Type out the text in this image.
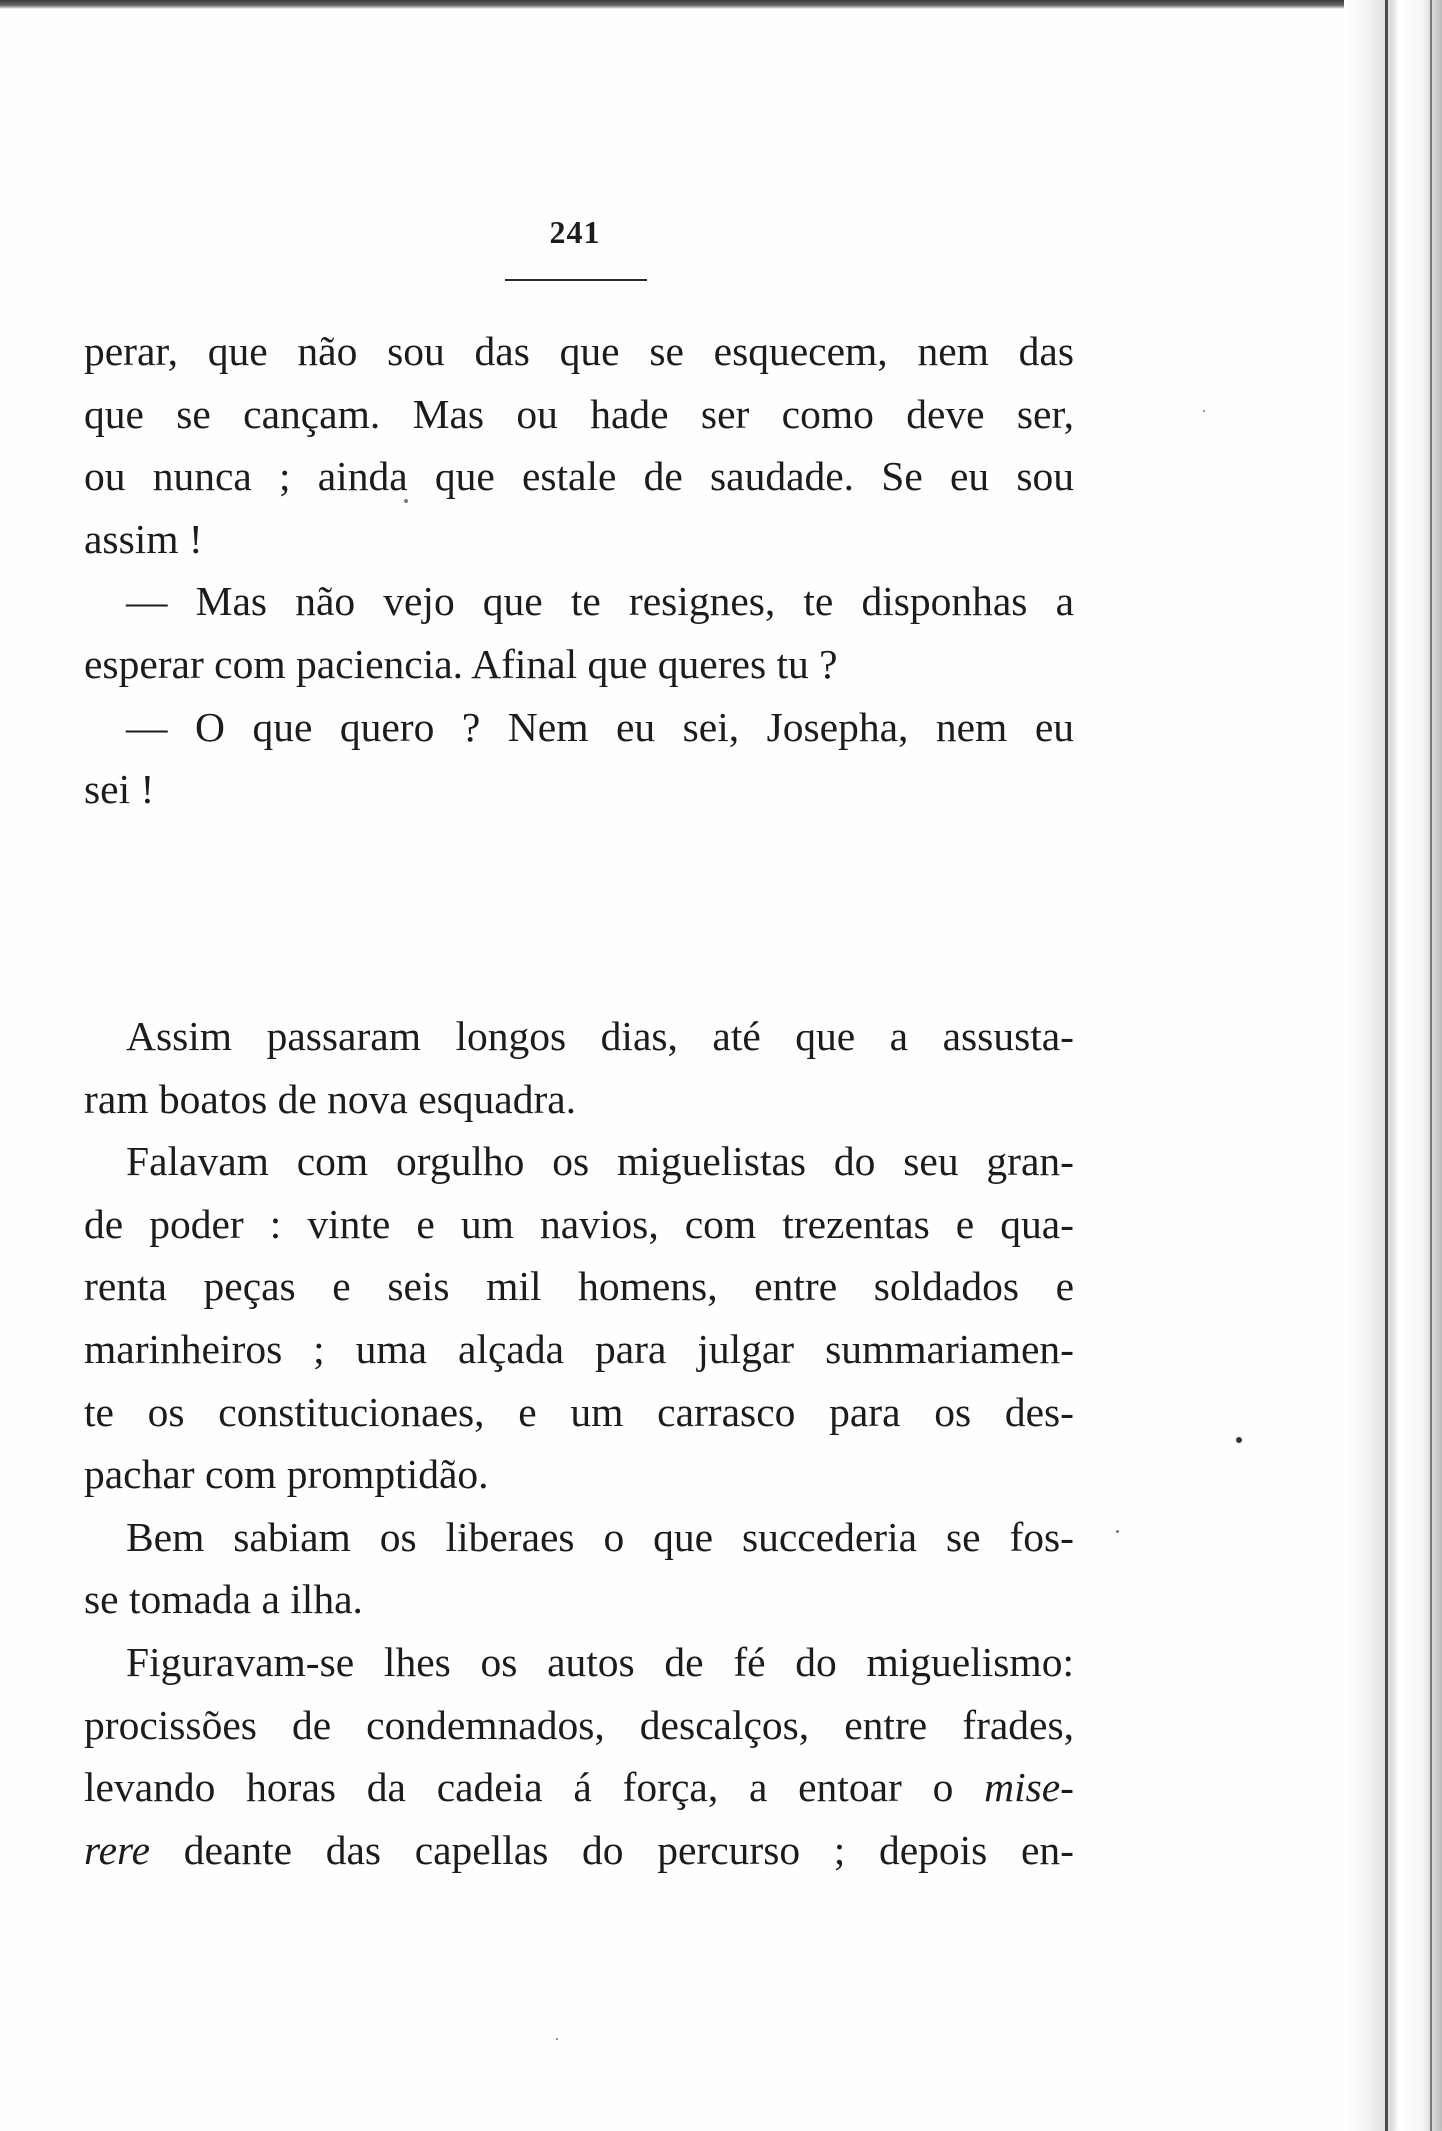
241
perar, que não sou das que se esquecem, nem das
que se cançam. Mas ou hade ser como deve ser,
ou nunca ; ainda que estale de saudade. Se eu sou
assim !
— Mas não vejo que te resignes, te disponhas a
esperar com paciencia. Afinal que queres tu ?
— O que quero ? Nem eu sei, Josepha, nem eu
sei !
Assim passaram longos dias, até que a assusta-
ram boatos de nova esquadra.
Falavam com orgulho os miguelistas do seu gran-
de poder : vinte e um navios, com trezentas e qua-
renta peças e seis mil homens, entre soldados e
marinheiros ; uma alçada para julgar summariamen-
te os constitucionaes, e um carrasco para os des-
pachar com promptidão.
Bem sabiam os liberaes o que succederia se fos-
se tomada a ilha.
Figuravam-se lhes os autos de fé do miguelismo:
procissões de condemnados, descalços, entre frades,
levando horas da cadeia á força, a entoar o mise-
rere deante das capellas do percurso ; depois en-
